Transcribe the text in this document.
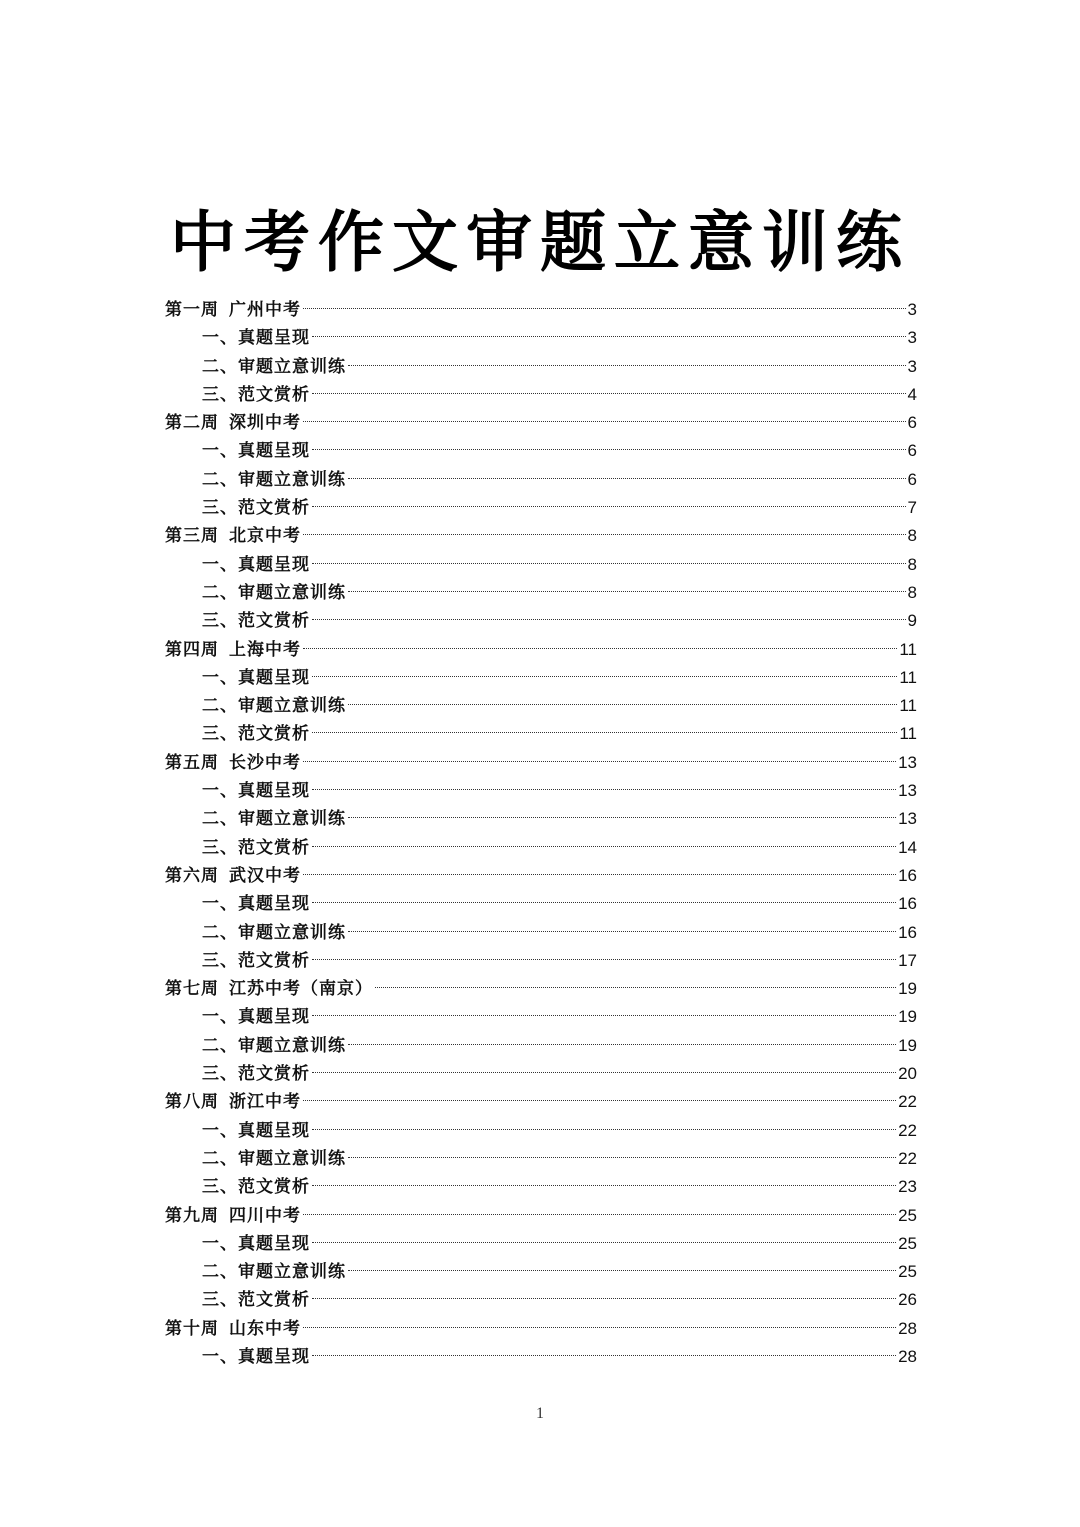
中考作文审题立意训练
第一周 广州中考	3
一、真题呈现	3
二、审题立意训练	3
三、范文赏析	4
第二周 深圳中考	6
一、真题呈现	6
二、审题立意训练	6
三、范文赏析	7
第三周 北京中考	8
一、真题呈现	8
二、审题立意训练	8
三、范文赏析	9
第四周 上海中考	11
一、真题呈现	11
二、审题立意训练	11
三、范文赏析	11
第五周 长沙中考	13
一、真题呈现	13
二、审题立意训练	13
三、范文赏析	14
第六周 武汉中考	16
一、真题呈现	16
二、审题立意训练	16
三、范文赏析	17
第七周 江苏中考（南京）	19
一、真题呈现	19
二、审题立意训练	19
三、范文赏析	20
第八周 浙江中考	22
一、真题呈现	22
二、审题立意训练	22
三、范文赏析	23
第九周 四川中考	25
一、真题呈现	25
二、审题立意训练	25
三、范文赏析	26
第十周 山东中考	28
一、真题呈现	28
1
